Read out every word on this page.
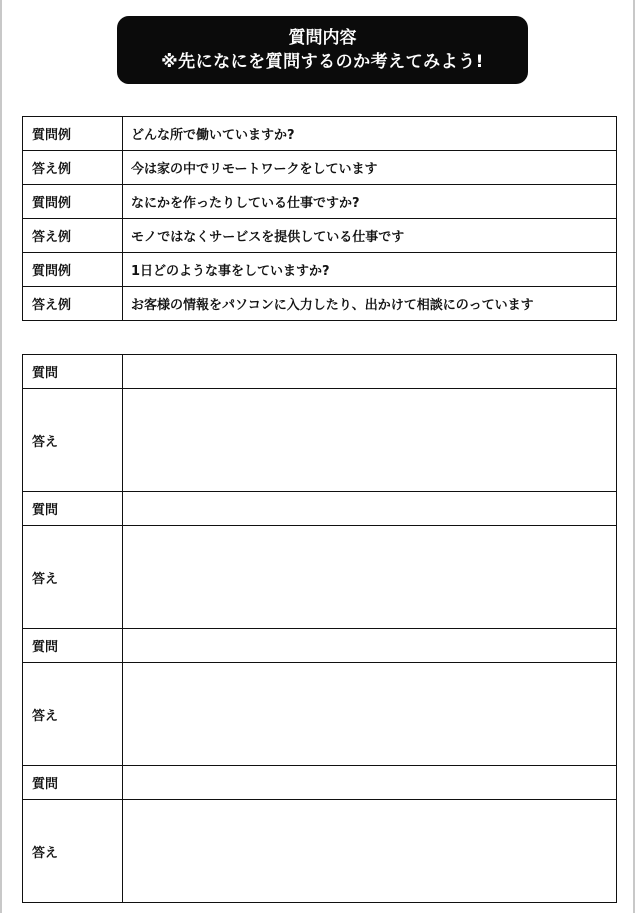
質問内容
※先になにを質問するのか考えてみよう!
質問例	どんな所で働いていますか?
答え例	今は家の中でリモートワークをしています
質問例	なにかを作ったりしている仕事ですか?
答え例	モノではなくサービスを提供している仕事です
質問例	1日どのような事をしていますか?
答え例	お客様の情報をパソコンに入力したり、出かけて相談にのっています
質問	
答え	
質問	
答え	
質問	
答え	
質問	
答え	
